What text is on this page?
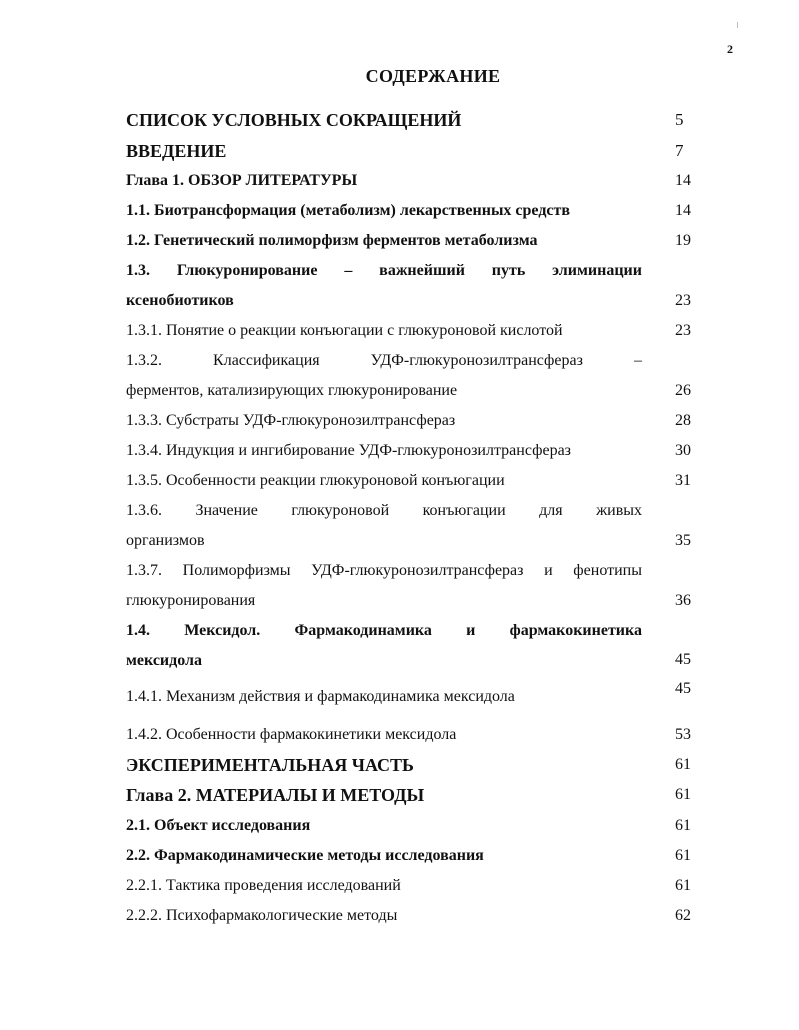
2
СОДЕРЖАНИЕ
СПИСОК УСЛОВНЫХ СОКРАЩЕНИЙ	5
ВВЕДЕНИЕ	7
Глава 1. ОБЗОР ЛИТЕРАТУРЫ	14
1.1. Биотрансформация (метаболизм) лекарственных средств	14
1.2. Генетический полиморфизм ферментов метаболизма	19
1.3. Глюкуронирование – важнейший путь элиминации
ксенобиотиков	23
1.3.1. Понятие о реакции конъюгации с глюкуроновой кислотой	23
1.3.2. Классификация УДФ-глюкуронозилтрансфераз –
ферментов, катализирующих глюкуронирование	26
1.3.3. Субстраты УДФ-глюкуронозилтрансфераз	28
1.3.4. Индукция и ингибирование УДФ-глюкуронозилтрансфераз	30
1.3.5. Особенности реакции глюкуроновой конъюгации	31
1.3.6. Значение глюкуроновой конъюгации для живых
организмов	35
1.3.7. Полиморфизмы УДФ-глюкуронозилтрансфераз и фенотипы
глюкуронирования	36
1.4. Мексидол. Фармакодинамика и фармакокинетика
мексидола	45
1.4.1. Механизм действия и фармакодинамика мексидола	45
1.4.2. Особенности фармакокинетики мексидола	53
ЭКСПЕРИМЕНТАЛЬНАЯ ЧАСТЬ	61
Глава 2. МАТЕРИАЛЫ И МЕТОДЫ	61
2.1. Объект исследования	61
2.2. Фармакодинамические методы исследования	61
2.2.1. Тактика проведения исследований	61
2.2.2. Психофармакологические методы	62
